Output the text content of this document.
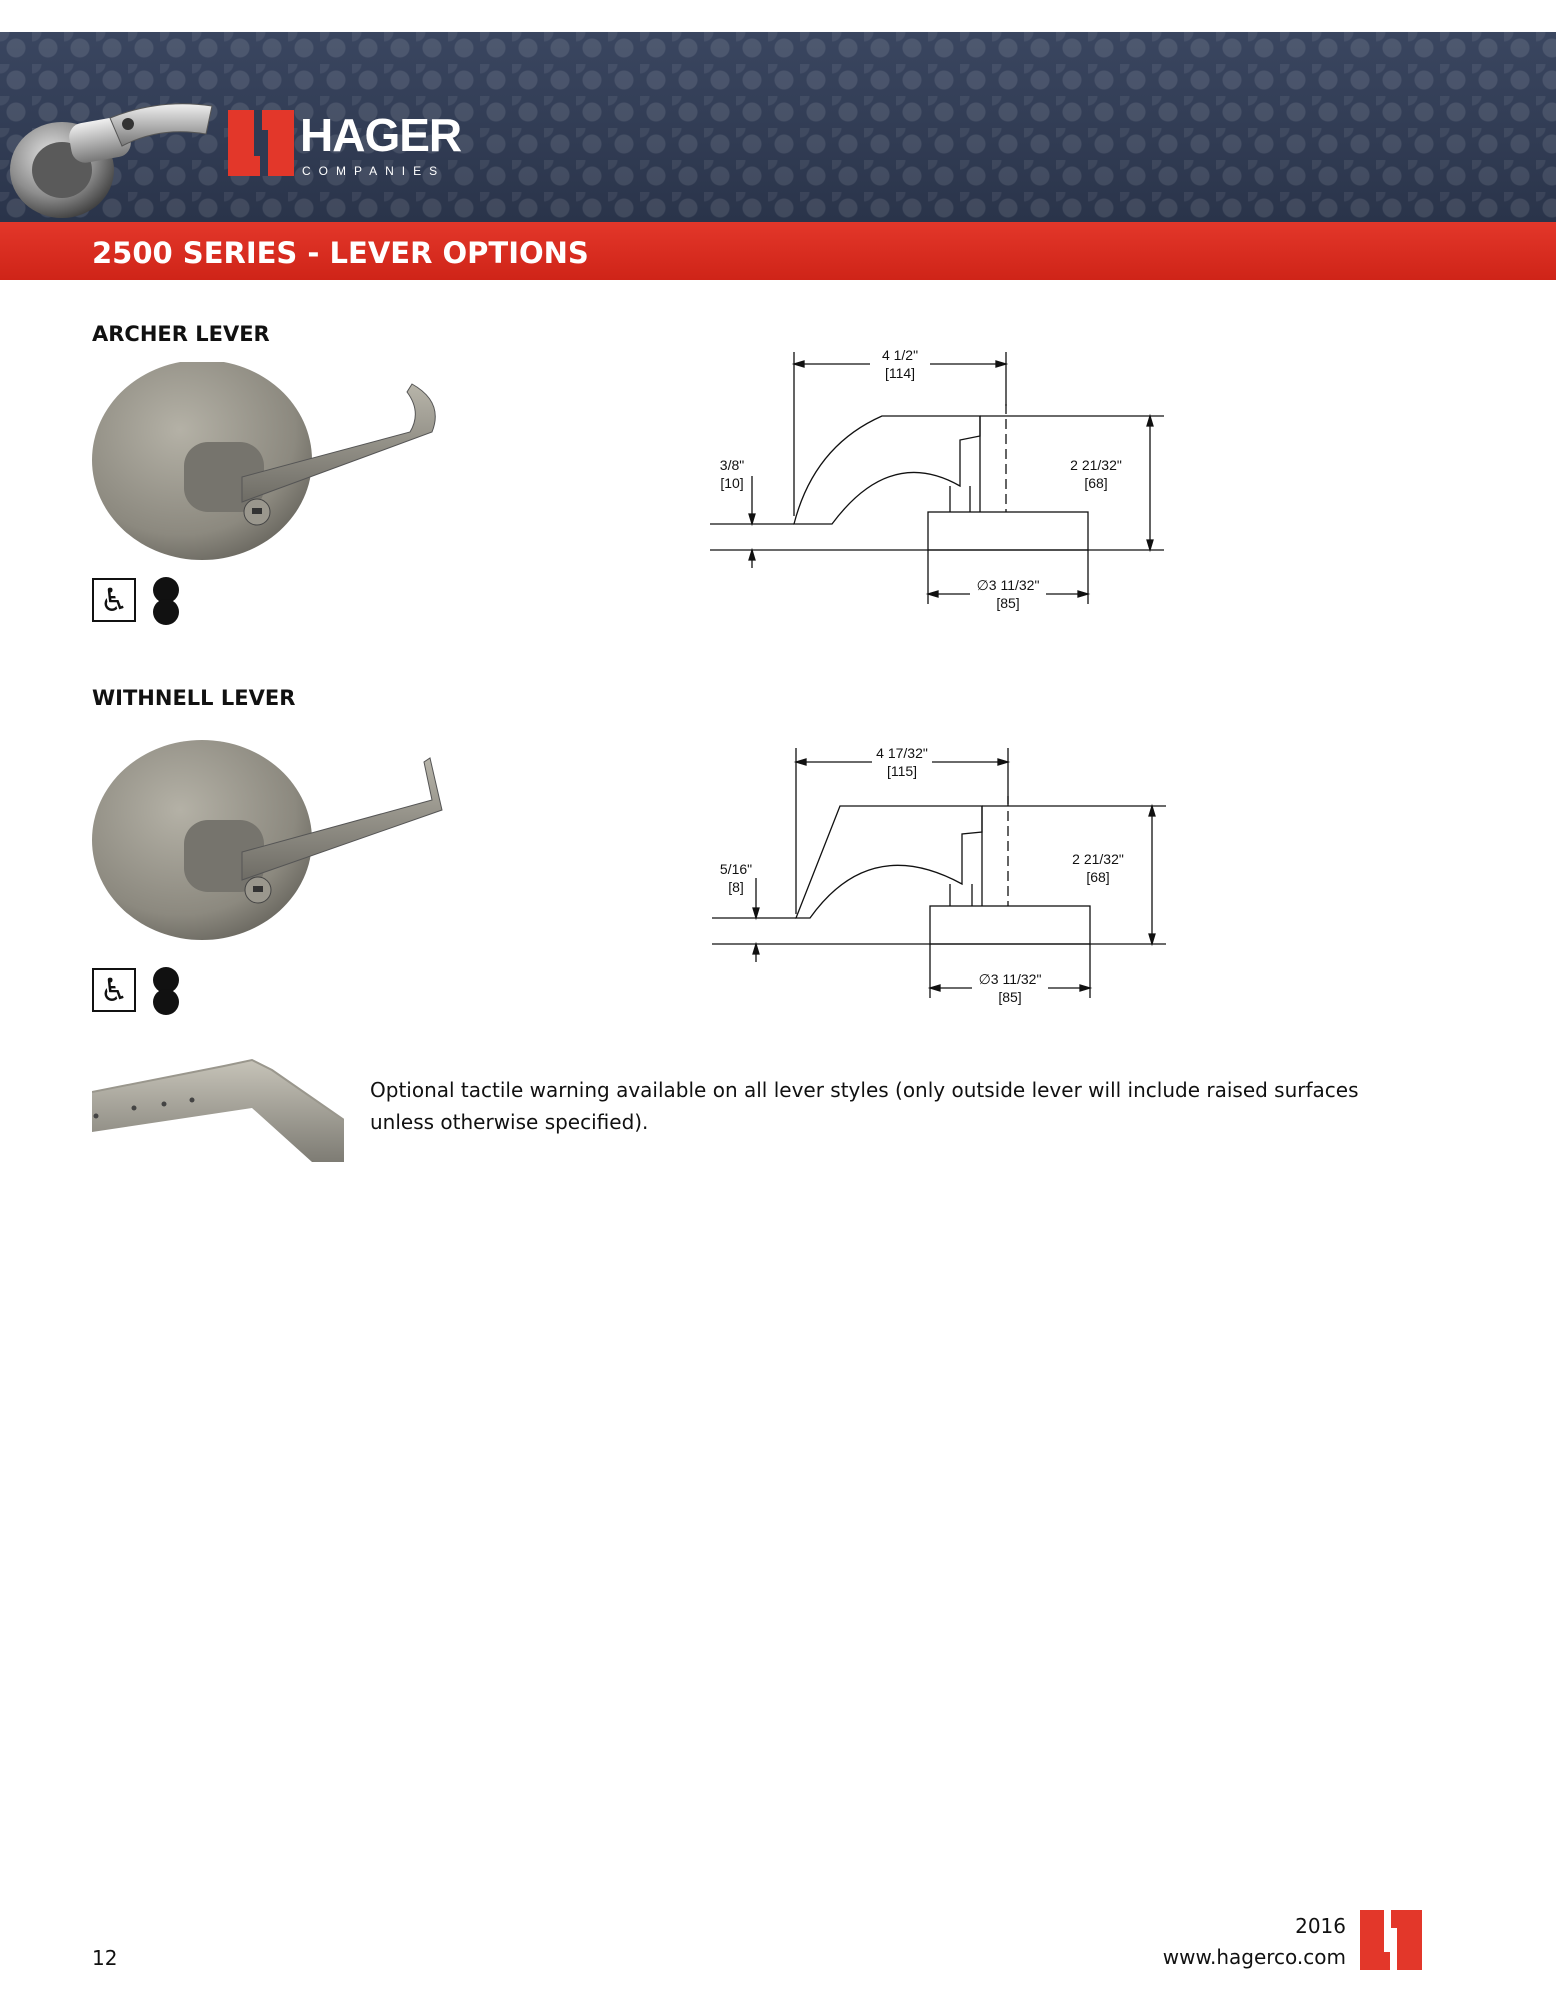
HAGER
COMPANIES
2500 SERIES - LEVER OPTIONS
ARCHER LEVER
♿
4 1/2"
[114]
2 21/32"
[68]
3/8"
[10]
∅3 11/32"
[85]
WITHNELL LEVER
♿
4 17/32"
[115]
2 21/32"
[68]
5/16"
[8]
∅3 11/32"
[85]
Optional tactile warning available on all lever styles (only outside lever will include raised surfaces unless otherwise specified).
12
2016
www.hagerco.com
